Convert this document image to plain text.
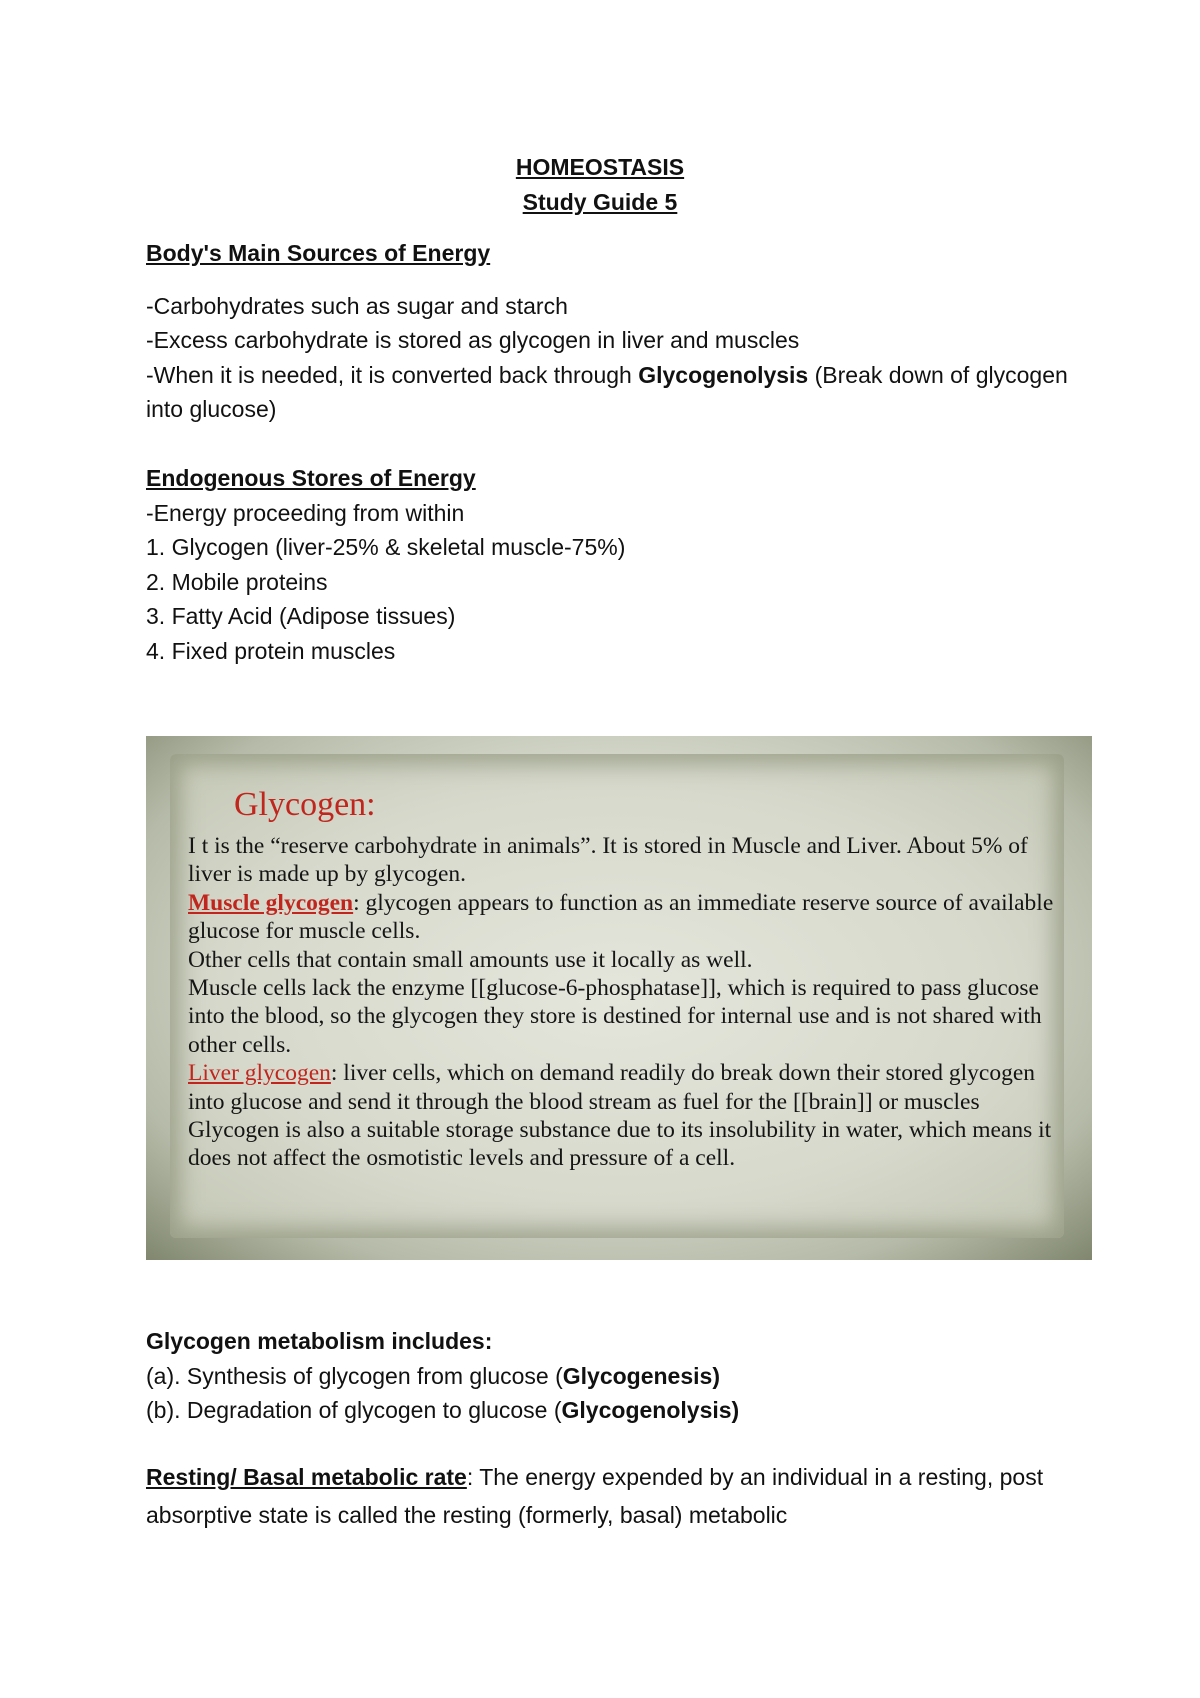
HOMEOSTASIS
Study Guide 5

Body's Main Sources of Energy

-Carbohydrates such as sugar and starch

-Excess carbohydrate is stored as glycogen in liver and muscles

-When it is needed, it is converted back through Glycogenolysis (Break down of glycogen into glucose)

Endogenous Stores of Energy

-Energy proceeding from within

1. Glycogen (liver-25% & skeletal muscle-75%)

2. Mobile proteins

3. Fatty Acid (Adipose tissues)

4. Fixed protein muscles

Glycogen:

I t is the “reserve carbohydrate in animals”. It is stored in Muscle and Liver. About 5% of liver is made up by glycogen.

Muscle glycogen: glycogen appears to function as an immediate reserve source of available glucose for muscle cells.

Other cells that contain small amounts use it locally as well.

Muscle cells lack the enzyme [[glucose-6-phosphatase]], which is required to pass glucose into the blood, so the glycogen they store is destined for internal use and is not shared with other cells.

Liver glycogen: liver cells, which on demand readily do break down their stored glycogen into glucose and send it through the blood stream as fuel for the [[brain]] or muscles

Glycogen is also a suitable storage substance due to its insolubility in water, which means it does not affect the osmotistic levels and pressure of a cell.

Glycogen metabolism includes:

(a). Synthesis of glycogen from glucose (Glycogenesis)

(b). Degradation of glycogen to glucose (Glycogenolysis)

Resting/ Basal metabolic rate: The energy expended by an individual in a resting, post absorptive state is called the resting (formerly, basal) metabolic
